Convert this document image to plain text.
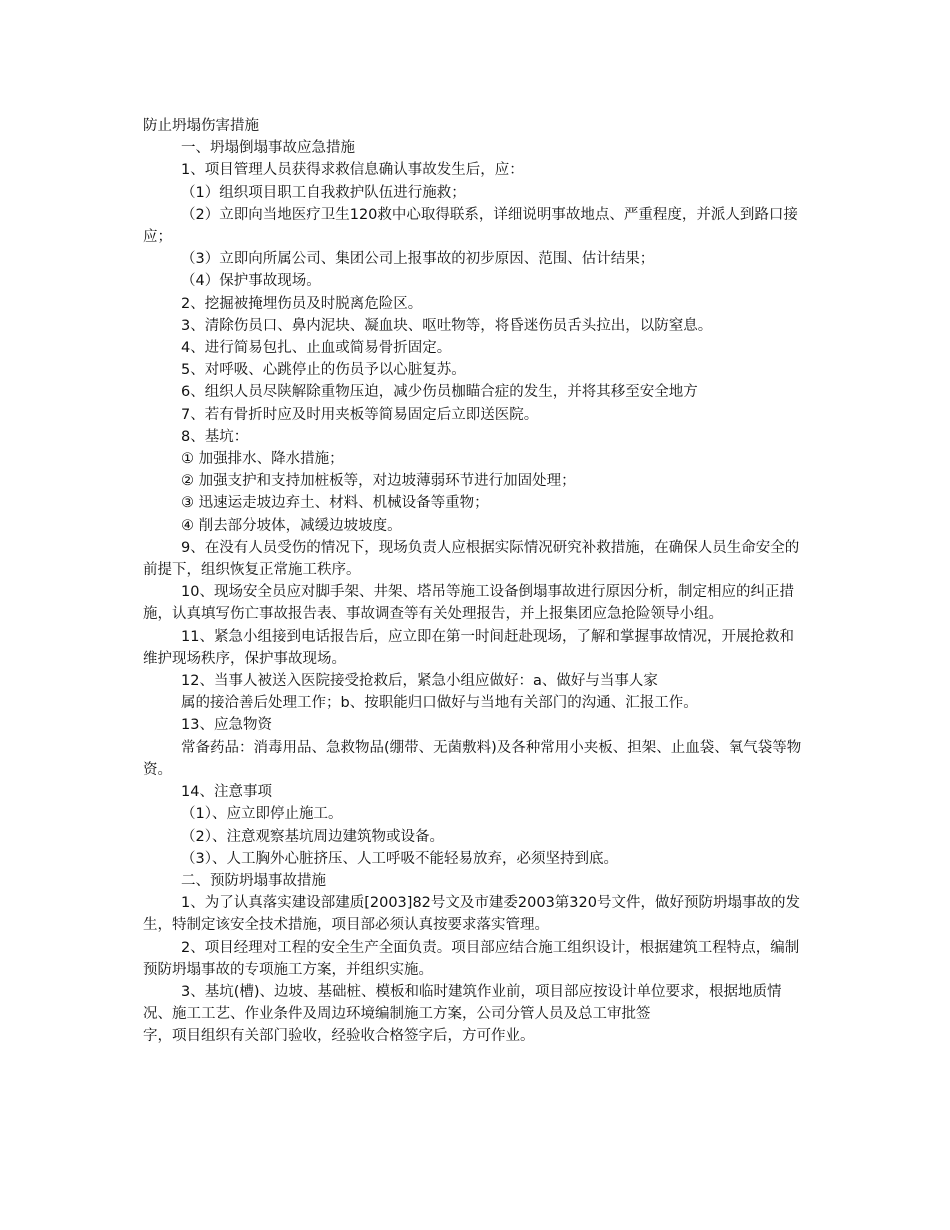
防止坍塌伤害措施

一、坍塌倒塌事故应急措施

1、项目管理人员获得求救信息确认事故发生后，应：

（1）组织项目职工自我救护队伍进行施救；

（2）立即向当地医疗卫生120救中心取得联系，详细说明事故地点、严重程度，并派人到路口接应；

（3）立即向所属公司、集团公司上报事故的初步原因、范围、估计结果；

（4）保护事故现场。

2、挖掘被掩埋伤员及时脱离危险区。

3、清除伤员口、鼻内泥块、凝血块、呕吐物等，将昏迷伤员舌头拉出，以防窒息。

4、进行简易包扎、止血或简易骨折固定。

5、对呼吸、心跳停止的伤员予以心脏复苏。

6、组织人员尽陕解除重物压迫，减少伤员枷瞄合症的发生，并将其移至安全地方

7、若有骨折时应及时用夹板等简易固定后立即送医院。

8、基坑：

① 加强排水、降水措施；

② 加强支护和支持加桩板等，对边坡薄弱环节进行加固处理；

③ 迅速运走坡边弃土、材料、机械设备等重物；

④ 削去部分坡体，减缓边坡坡度。

9、在没有人员受伤的情况下，现场负责人应根据实际情况研究补救措施，在确保人员生命安全的前提下，组织恢复正常施工秩序。

10、现场安全员应对脚手架、井架、塔吊等施工设备倒塌事故进行原因分析，制定相应的纠正措施，认真填写伤亡事故报告表、事故调查等有关处理报告，并上报集团应急抢险领导小组。

11、紧急小组接到电话报告后，应立即在第一时间赶赴现场，了解和掌握事故情况，开展抢救和维护现场秩序，保护事故现场。

12、当事人被送入医院接受抢救后，紧急小组应做好：a、做好与当事人家

属的接洽善后处理工作；b、按职能归口做好与当地有关部门的沟通、汇报工作。

13、应急物资

常备药品：消毒用品、急救物品(绷带、无菌敷料)及各种常用小夹板、担架、止血袋、氧气袋等物资。

14、注意事项

（1）、应立即停止施工。

（2）、注意观察基坑周边建筑物或设备。

（3）、人工胸外心脏挤压、人工呼吸不能轻易放弃，必须坚持到底。

二、预防坍塌事故措施

1、为了认真落实建设部建质[2003]82号文及市建委2003第320号文件，做好预防坍塌事故的发生，特制定该安全技术措施，项目部必须认真按要求落实管理。

2、项目经理对工程的安全生产全面负责。项目部应结合施工组织设计，根据建筑工程特点，编制预防坍塌事故的专项施工方案，并组织实施。

3、基坑(槽)、边坡、基础桩、模板和临时建筑作业前，项目部应按设计单位要求，根据地质情况、施工工艺、作业条件及周边环境编制施工方案，公司分管人员及总工审批签

字，项目组织有关部门验收，经验收合格签字后，方可作业。
